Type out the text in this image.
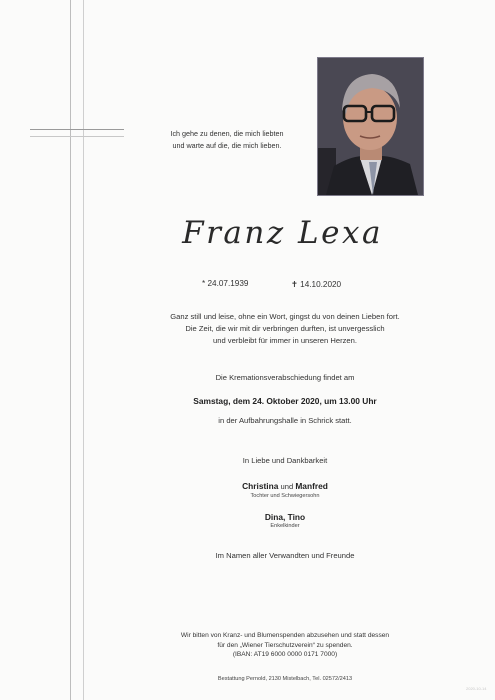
Ich gehe zu denen, die mich liebten
und warte auf die, die mich lieben.
Franz Lexa
* 24.07.1939	✝ 14.10.2020
Ganz still und leise, ohne ein Wort, gingst du von deinen Lieben fort.
Die Zeit, die wir mit dir verbringen durften, ist unvergesslich
und verbleibt für immer in unseren Herzen.
Die Kremationsverabschiedung findet am
Samstag, dem 24. Oktober 2020, um 13.00 Uhr
in der Aufbahrungshalle in Schrick statt.
In Liebe und Dankbarkeit
Christina und Manfred
Tochter und Schwiegersohn
Dina, Tino
Enkelkinder
Im Namen aller Verwandten und Freunde
Wir bitten von Kranz- und Blumenspenden abzusehen und statt dessen
für den „Wiener Tierschutzverein“ zu spenden.
(IBAN: AT19 6000 0000 0171 7000)
Bestattung Pernold, 2130 Mistelbach, Tel. 02572/2413
2020-10-14
